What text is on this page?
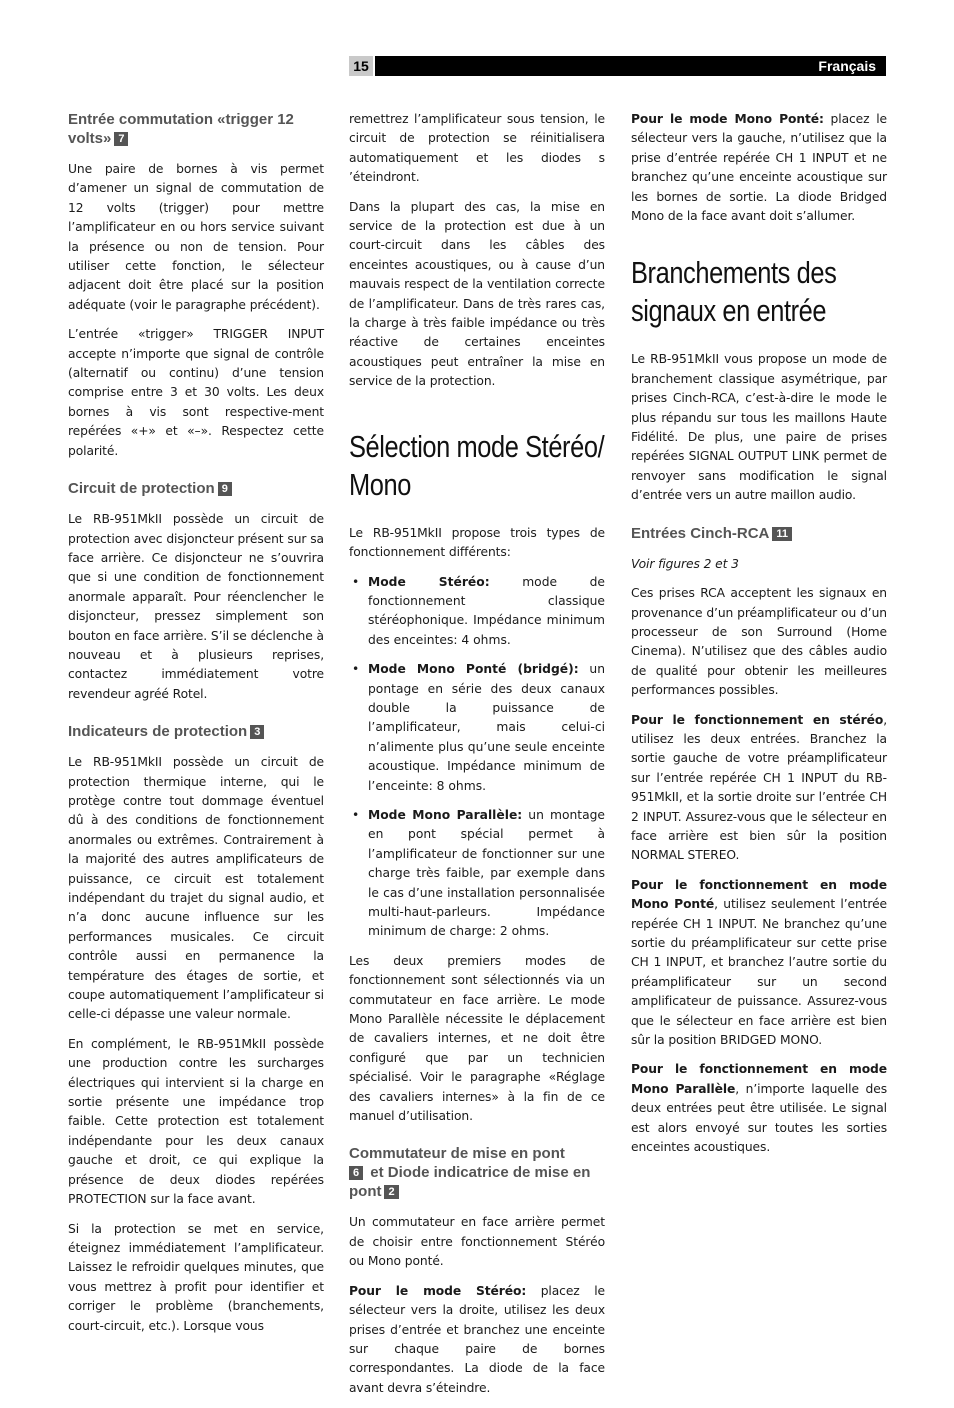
15	Français
Entrée commutation «trigger 12 volts» 7

Une paire de bornes à vis permet d’amener un signal de commutation de 12 volts (trigger) pour mettre l’amplificateur en ou hors service suivant la présence ou non de tension. Pour utiliser cette fonction, le sélecteur adjacent doit être placé sur la position adéquate (voir le paragraphe précédent).

L’entrée «trigger» TRIGGER INPUT accepte n’importe que signal de contrôle (alternatif ou continu) d’une tension comprise entre 3 et 30 volts. Les deux bornes à vis sont respective-ment repérées «+» et «–». Respectez cette polarité.

Circuit de protection 9

Le RB-951MkII possède un circuit de protection avec disjoncteur présent sur sa face arrière. Ce disjoncteur ne s’ouvrira que si une condition de fonctionnement anormale apparaît. Pour réenclencher le disjoncteur, pressez simplement son bouton en face arrière. S’il se déclenche à nouveau et à plusieurs reprises, contactez immédiatement votre revendeur agréé Rotel.

Indicateurs de protection 3

Le RB-951MkII possède un circuit de protection thermique interne, qui le protège contre tout dommage éventuel dû à des conditions de fonctionnement anormales ou extrêmes. Contrairement à la majorité des autres amplificateurs de puissance, ce circuit est totalement indépendant du trajet du signal audio, et n’a donc aucune influence sur les performances musicales. Ce circuit contrôle aussi en permanence la température des étages de sortie, et coupe automatiquement l’amplificateur si celle-ci dépasse une valeur normale.

En complément, le RB-951MkII possède une production contre les surcharges électriques qui intervient si la charge en sortie présente une impédance trop faible. Cette protection est totalement indépendante pour les deux canaux gauche et droit, ce qui explique la présence de deux diodes repérées PROTECTION sur la face avant.

Si la protection se met en service, éteignez immédiatement l’amplificateur. Laissez le refroidir quelques minutes, que vous mettrez à profit pour identifier et corriger le problème (branchements, court-circuit, etc.). Lorsque vous

remettrez l’amplificateur sous tension, le circuit de protection se réinitialisera automatiquement et les diodes s ’éteindront.

Dans la plupart des cas, la mise en service de la protection est due à un court-circuit dans les câbles des enceintes acoustiques, ou à cause d’un mauvais respect de la ventilation correcte de l’amplificateur. Dans de très rares cas, la charge à très faible impédance ou très réactive de certaines enceintes acoustiques peut entraîner la mise en service de la protection.

Sélection mode Stéréo/ Mono

Le RB-951MkII propose trois types de fonctionnement différents:

• Mode Stéréo: mode de fonctionnement classique stéréophonique. Impédance minimum des enceintes: 4 ohms.
• Mode Mono Ponté (bridgé): un pontage en série des deux canaux double la puissance de l’amplificateur, mais celui-ci n’alimente plus qu’une seule enceinte acoustique. Impédance minimum de l’enceinte: 8 ohms.
• Mode Mono Parallèle: un montage en pont spécial permet à l’amplificateur de fonctionner sur une charge très faible, par exemple dans le cas d’une installation personnalisée multi-haut-parleurs. Impédance minimum de charge: 2 ohms.

Les deux premiers modes de fonctionnement sont sélectionnés via un commutateur en face arrière. Le mode Mono Parallèle nécessite le déplacement de cavaliers internes, et ne doit être configuré que par un technicien spécialisé. Voir le paragraphe «Réglage des cavaliers internes» à la fin de ce manuel d’utilisation.

Commutateur de mise en pont
6 et Diode indicatrice de mise en pont 2

Un commutateur en face arrière permet de choisir entre fonctionnement Stéréo ou Mono ponté.

Pour le mode Stéréo: placez le sélecteur vers la droite, utilisez les deux prises d’entrée et branchez une enceinte sur chaque paire de bornes correspondantes. La diode de la face avant devra s’éteindre.

Pour le mode Mono Ponté: placez le sélecteur vers la gauche, n’utilisez que la prise d’entrée repérée CH 1 INPUT et ne branchez qu’une enceinte acoustique sur les bornes de sortie. La diode Bridged Mono de la face avant doit s’allumer.

Branchements des signaux en entrée

Le RB-951MkII vous propose un mode de branchement classique asymétrique, par prises Cinch-RCA, c’est-à-dire le mode le plus répandu sur tous les maillons Haute Fidélité. De plus, une paire de prises repérées SIGNAL OUTPUT LINK permet de renvoyer sans modification le signal d’entrée vers un autre maillon audio.

Entrées Cinch-RCA 11

Voir figures 2 et 3

Ces prises RCA acceptent les signaux en provenance d’un préamplificateur ou d’un processeur de son Surround (Home Cinema). N’utilisez que des câbles audio de qualité pour obtenir les meilleures performances possibles.

Pour le fonctionnement en stéréo, utilisez les deux entrées. Branchez la sortie gauche de votre préamplificateur sur l’entrée repérée CH 1 INPUT du RB-951MkII, et la sortie droite sur l’entrée CH 2 INPUT. Assurez-vous que le sélecteur en face arrière est bien sûr la position NORMAL STEREO.

Pour le fonctionnement en mode Mono Ponté, utilisez seulement l’entrée repérée CH 1 INPUT. Ne branchez qu’une sortie du préamplificateur sur cette prise CH 1 INPUT, et branchez l’autre sortie du préamplificateur sur un second amplificateur de puissance. Assurez-vous que le sélecteur en face arrière est bien sûr la position BRIDGED MONO.

Pour le fonctionnement en mode Mono Parallèle, n’importe laquelle des deux entrées peut être utilisée. Le signal est alors envoyé sur toutes les sorties enceintes acoustiques.
